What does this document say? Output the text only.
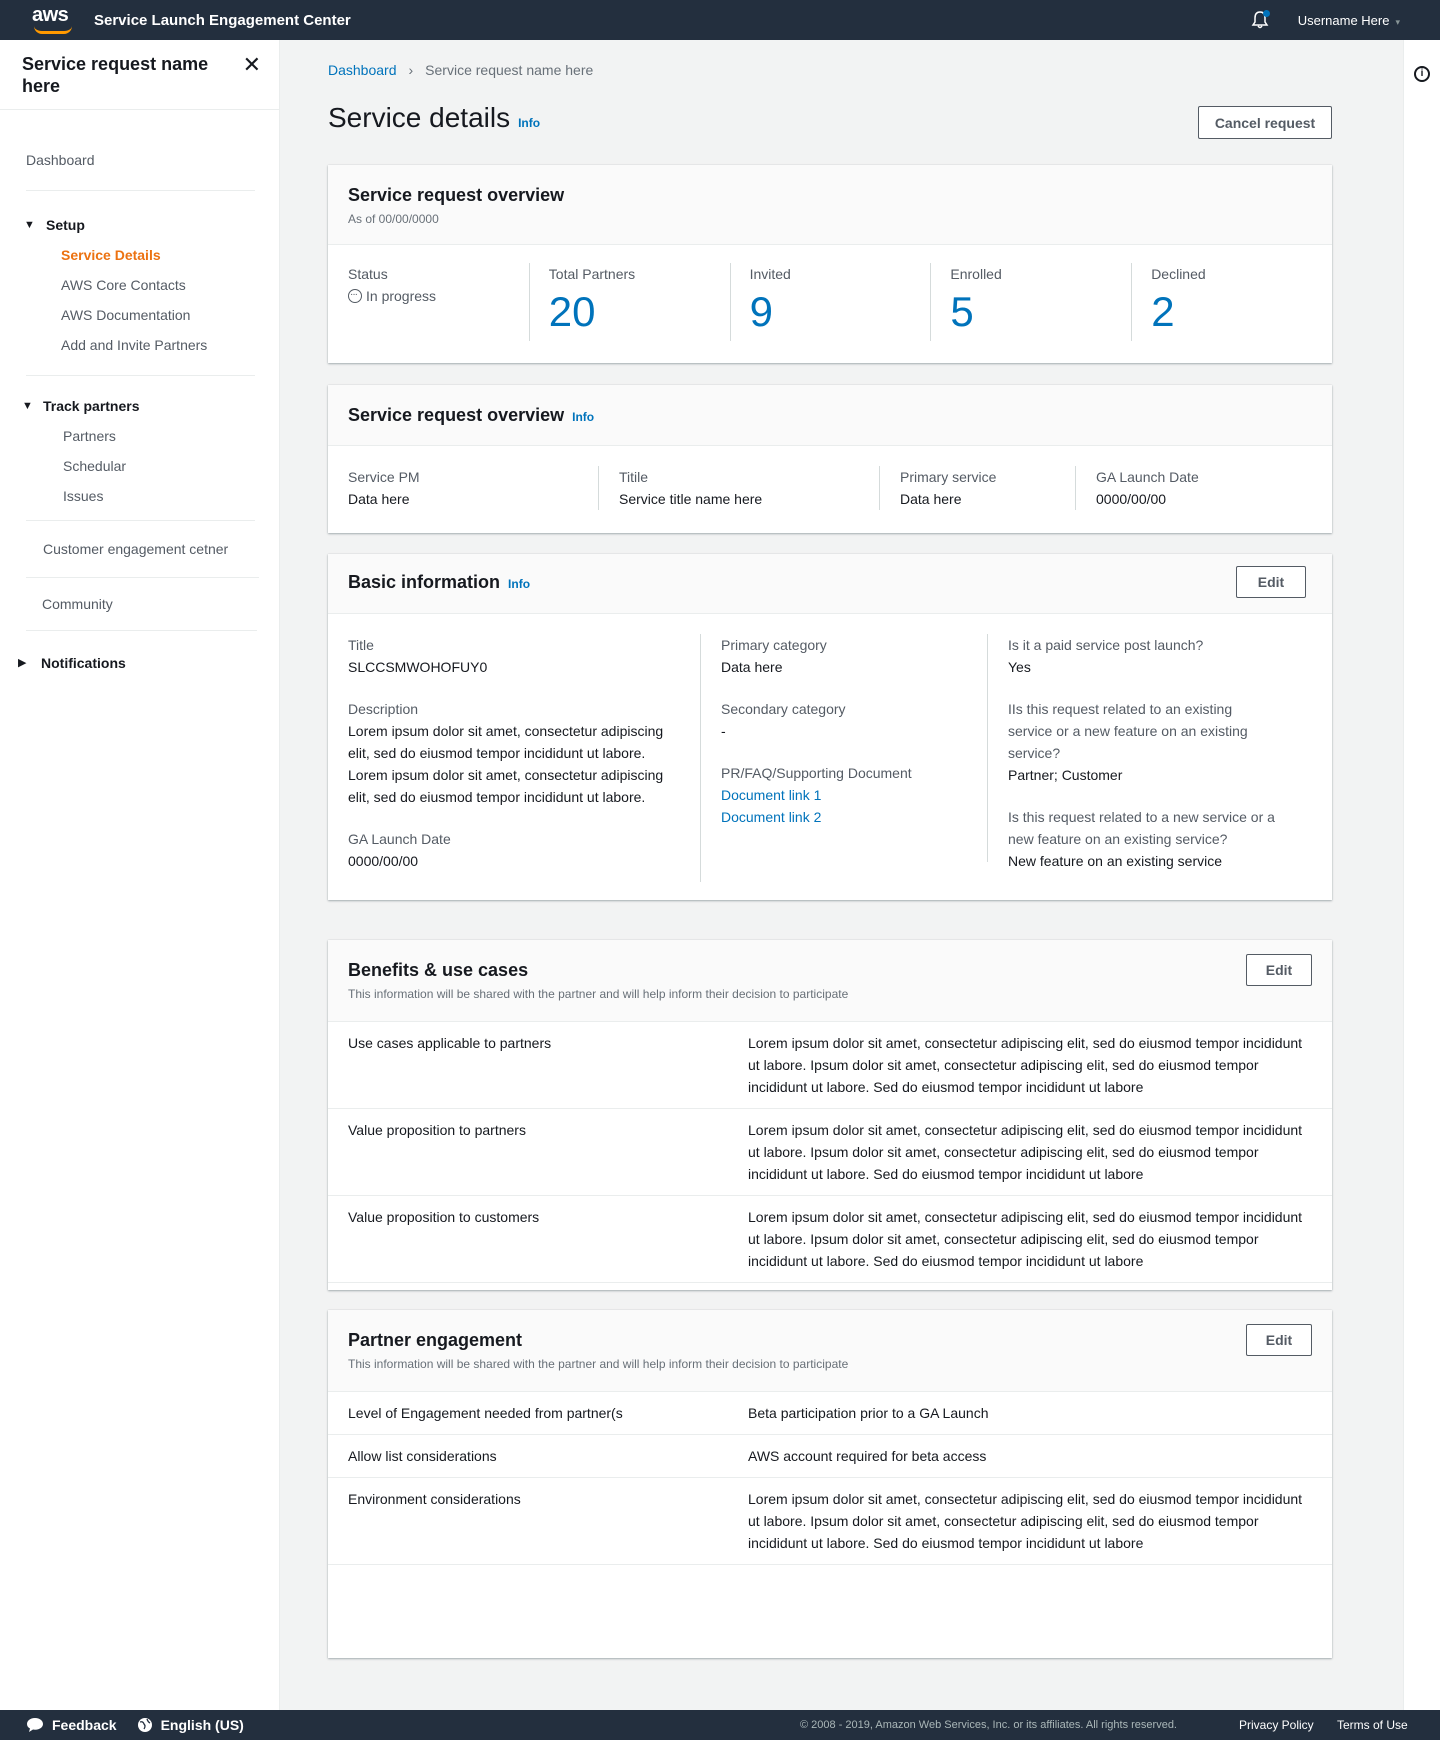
aws Service Launch Engagement Center	Username Here ▾
Service request name here
✕
Dashboard
▼ Setup
Service Details
AWS Core Contacts
AWS Documentation
Add and Invite Partners
▼ Track partners
Partners
Schedular
Issues
Customer engagement cetner
Community
▶	Notifications
i
Dashboard › Service request name here
Service details Info	Cancel request
Service request overview
As of 00/00/0000
Status
···In progress
Total Partners
20
Invited
9
Enrolled
5
Declined
2
Service request overview Info
Service PM
Data here
Titile
Service title name here
Primary service
Data here
GA Launch Date
0000/00/00
Basic information Info	Edit
Title
SLCCSMWOHOFUY0
Description
Lorem ipsum dolor sit amet, consectetur adipiscing elit, sed do eiusmod tempor incididunt ut labore. Lorem ipsum dolor sit amet, consectetur adipiscing elit, sed do eiusmod tempor incididunt ut labore.
GA Launch Date
0000/00/00
Primary category
Data here
Secondary category
-
PR/FAQ/Supporting Document
Document link 1
Document link 2
Is it a paid service post launch?
Yes
IIs this request related to an existing service or a new feature on an existing service?
Partner; Customer
Is this request related to a new service or a new feature on an existing service?
New feature on an existing service
Benefits & use cases
This information will be shared with the partner and will help inform their decision to participate
Edit
Use cases applicable to partners	Lorem ipsum dolor sit amet, consectetur adipiscing elit, sed do eiusmod tempor incididunt ut labore. Ipsum dolor sit amet, consectetur adipiscing elit, sed do eiusmod tempor incididunt ut labore. Sed do eiusmod tempor incididunt ut labore
Value proposition to partners	Lorem ipsum dolor sit amet, consectetur adipiscing elit, sed do eiusmod tempor incididunt ut labore. Ipsum dolor sit amet, consectetur adipiscing elit, sed do eiusmod tempor incididunt ut labore. Sed do eiusmod tempor incididunt ut labore
Value proposition to customers	Lorem ipsum dolor sit amet, consectetur adipiscing elit, sed do eiusmod tempor incididunt ut labore. Ipsum dolor sit amet, consectetur adipiscing elit, sed do eiusmod tempor incididunt ut labore. Sed do eiusmod tempor incididunt ut labore
Partner engagement
This information will be shared with the partner and will help inform their decision to participate
Edit
Level of Engagement needed from partner(s	Beta participation prior to a GA Launch
Allow list considerations	AWS account required for beta access
Environment considerations	Lorem ipsum dolor sit amet, consectetur adipiscing elit, sed do eiusmod tempor incididunt ut labore. Ipsum dolor sit amet, consectetur adipiscing elit, sed do eiusmod tempor incididunt ut labore. Sed do eiusmod tempor incididunt ut labore
Feedback	English (US)	© 2008 - 2019, Amazon Web Services, Inc. or its affiliates. All rights reserved.	Privacy Policy Terms of Use
